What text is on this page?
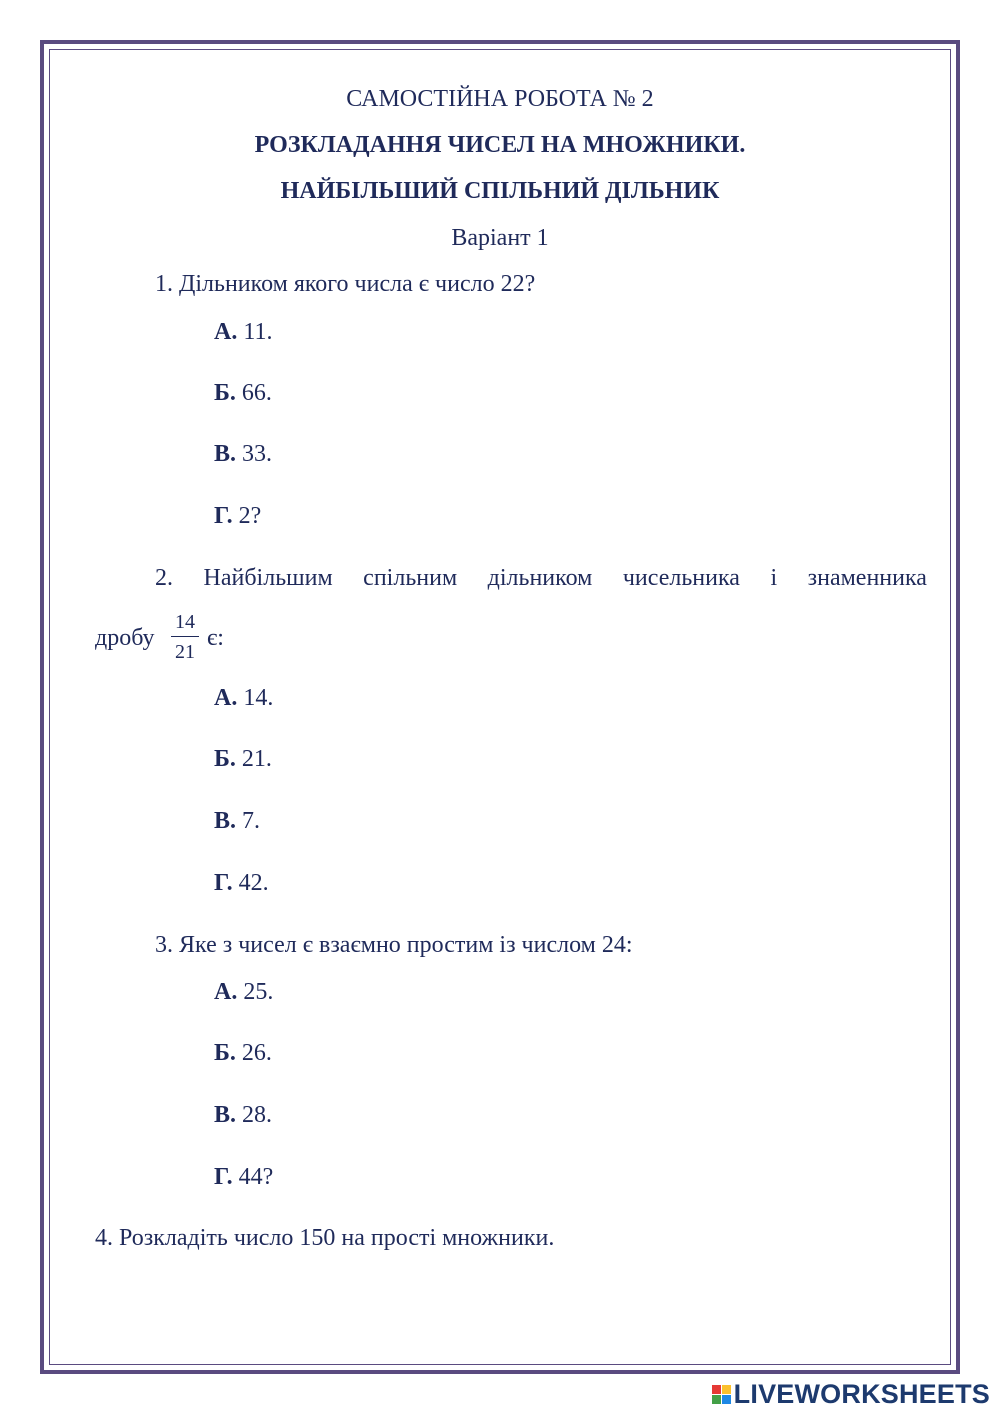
САМОСТІЙНА РОБОТА № 2
РОЗКЛАДАННЯ ЧИСЕЛ НА МНОЖНИКИ.
НАЙБІЛЬШИЙ СПІЛЬНИЙ ДІЛЬНИК
Варіант 1
1. Дільником якого числа є число 22?
А. 11.
Б. 66.
В. 33.
Г. 2?
2. Найбільшим спільним дільником чисельника і знаменника
дробу $\frac{14}{21} є$:
А. 14.
Б. 21.
В. 7.
Г. 42.
3. Яке з чисел є взаємно простим із числом 24:
А. 25.
Б. 26.
В. 28.
Г. 44?
4. Розкладіть число 150 на прості множники.
LIVEWORKSHEETS
